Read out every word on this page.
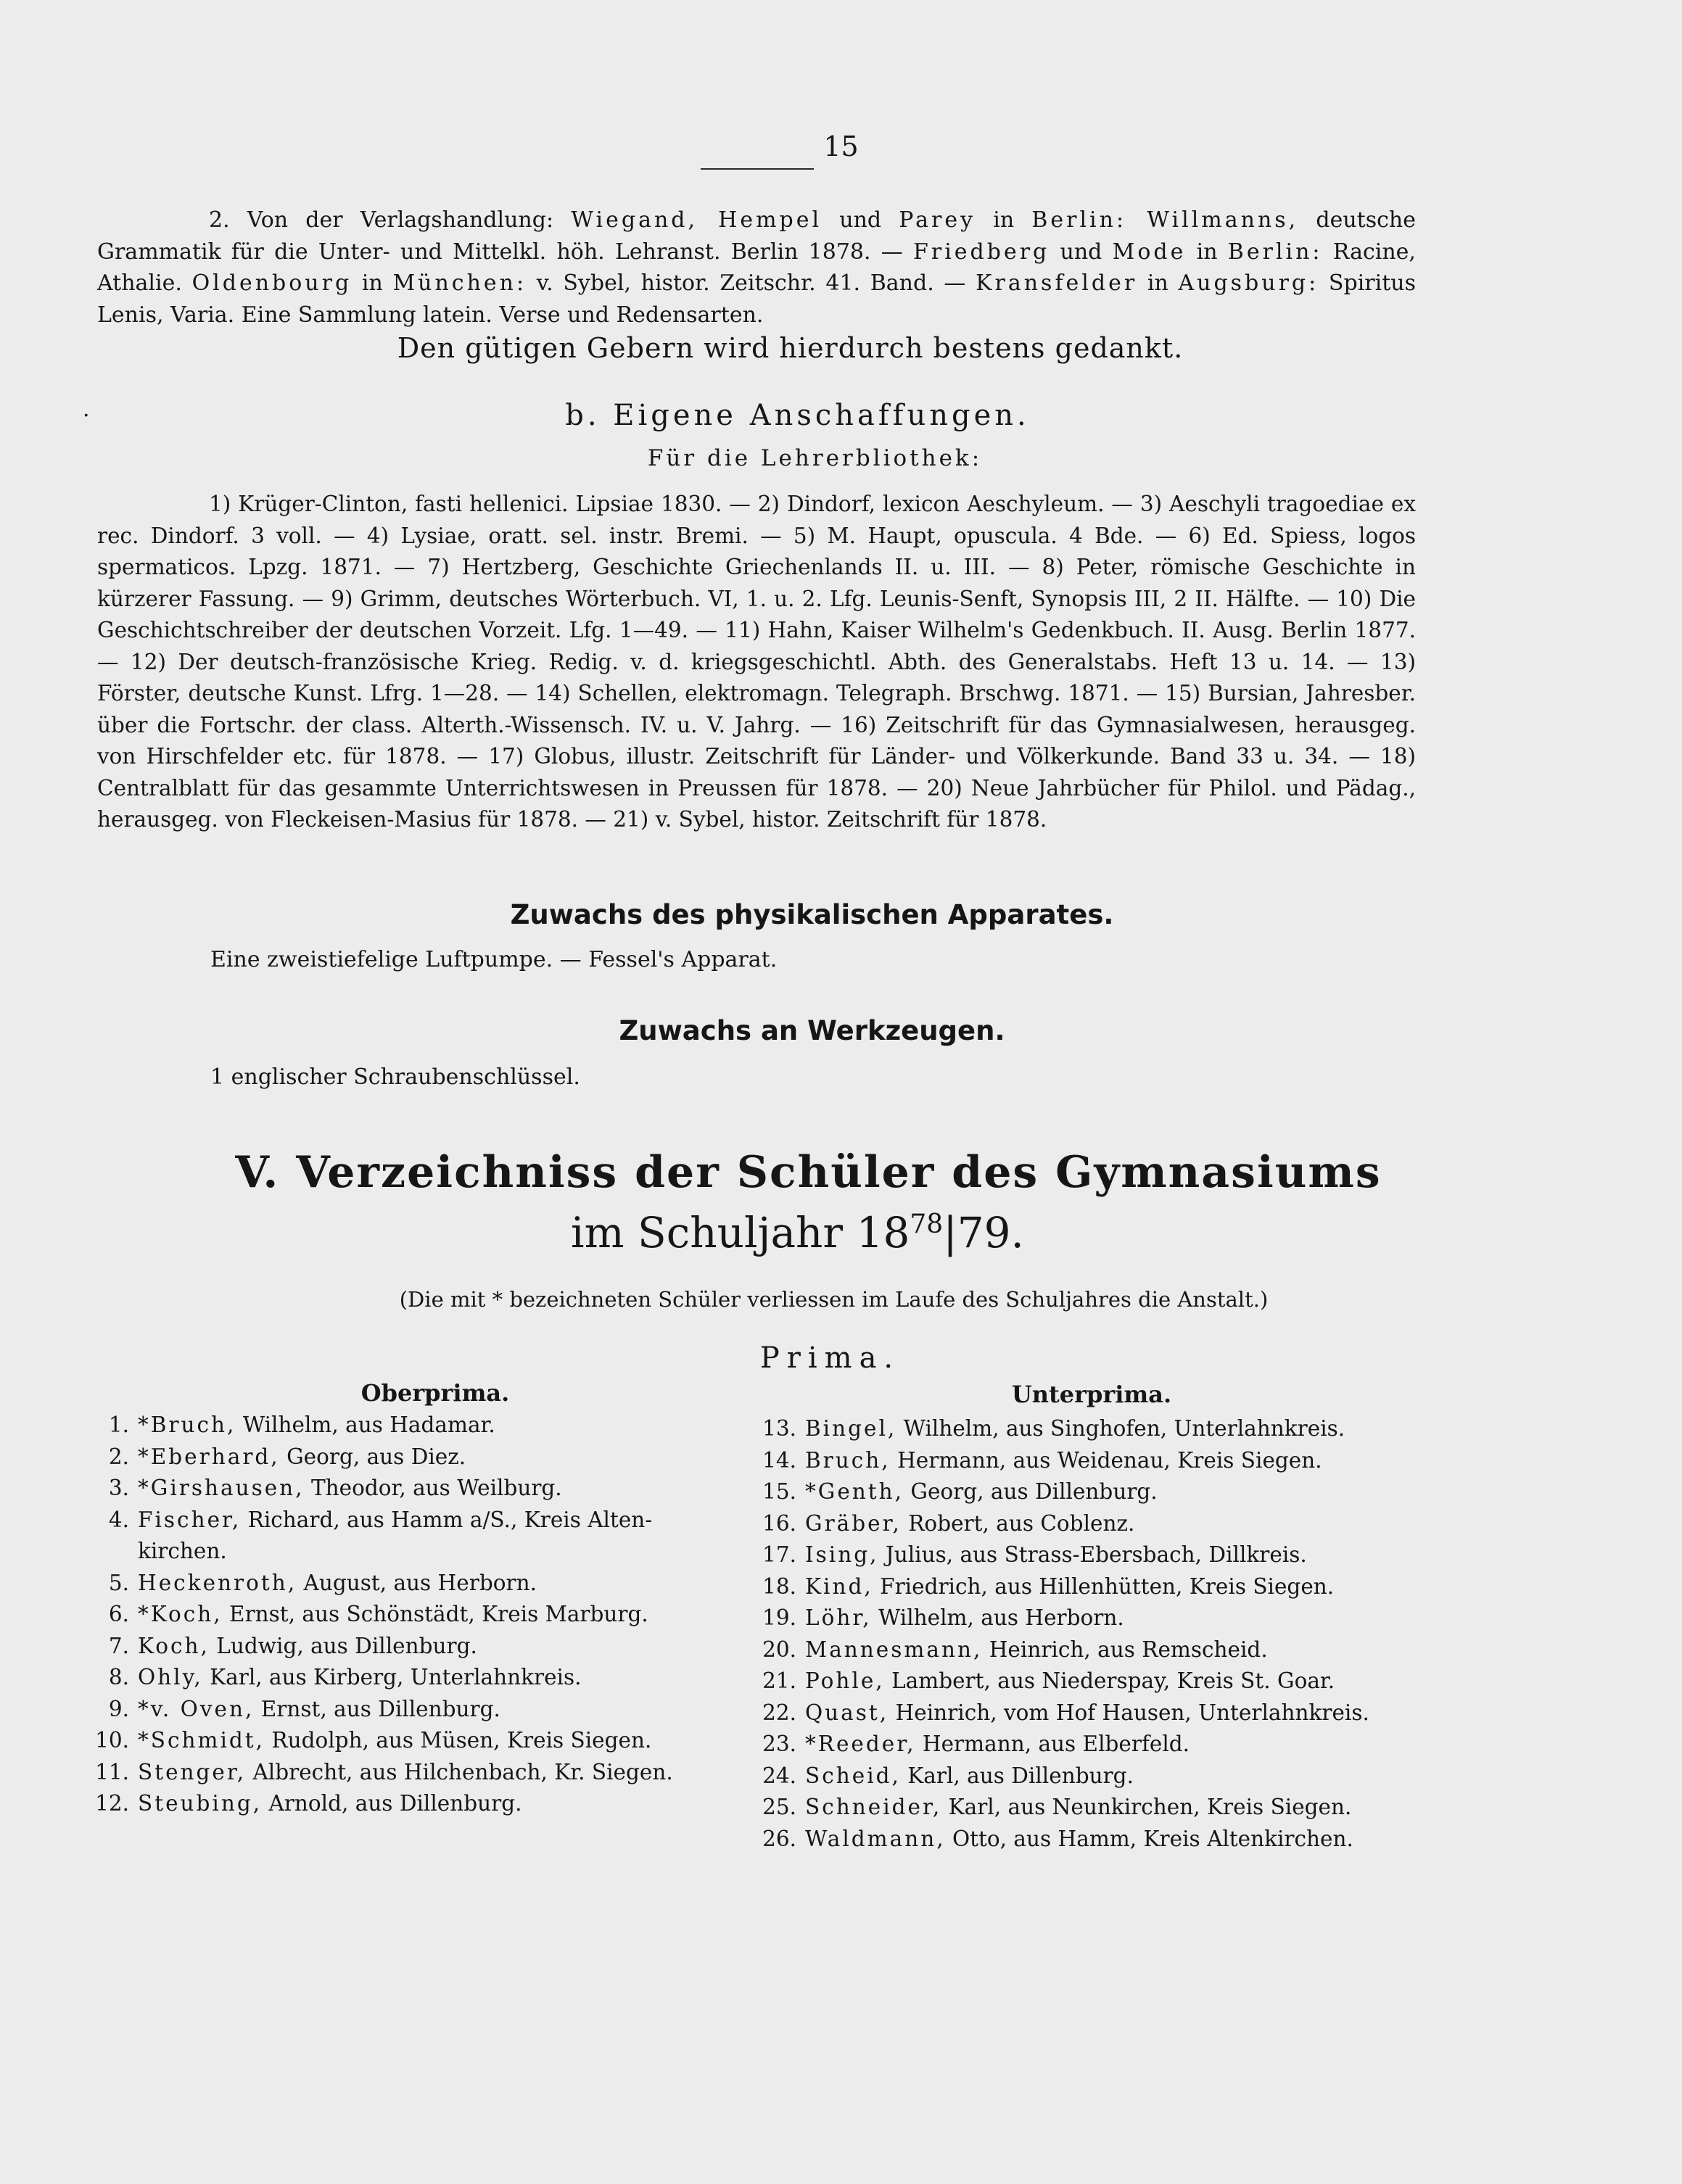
15
2. Von der Verlagshandlung: Wiegand, Hempel und Parey in Berlin: Willmanns, deutsche Grammatik für die Unter- und Mittelkl. höh. Lehranst. Berlin 1878. — Friedberg und Mode in Berlin: Racine, Athalie. Oldenbourg in München: v. Sybel, histor. Zeitschr. 41. Band. — Kransfelder in Augsburg: Spiritus Lenis, Varia. Eine Sammlung latein. Verse und Redensarten.
Den gütigen Gebern wird hierdurch bestens gedankt.
·	b. Eigene Anschaffungen.
Für die Lehrerbliothek:
1) Krüger-Clinton, fasti hellenici. Lipsiae 1830. — 2) Dindorf, lexicon Aeschyleum. — 3) Aeschyli tragoediae ex rec. Dindorf. 3 voll. — 4) Lysiae, oratt. sel. instr. Bremi. — 5) M. Haupt, opuscula. 4 Bde. — 6) Ed. Spiess, logos spermaticos. Lpzg. 1871. — 7) Hertzberg, Geschichte Griechenlands II. u. III. — 8) Peter, römische Geschichte in kürzerer Fassung. — 9) Grimm, deutsches Wörterbuch. VI, 1. u. 2. Lfg. Leunis-Senft, Synopsis III, 2 II. Hälfte. — 10) Die Geschichtschreiber der deutschen Vorzeit. Lfg. 1—49. — 11) Hahn, Kaiser Wilhelm's Gedenkbuch. II. Ausg. Berlin 1877. — 12) Der deutsch-französische Krieg. Redig. v. d. kriegsgeschichtl. Abth. des Generalstabs. Heft 13 u. 14. — 13) Förster, deutsche Kunst. Lfrg. 1—28. — 14) Schellen, elektromagn. Telegraph. Brschwg. 1871. — 15) Bursian, Jahresber. über die Fortschr. der class. Alterth.-Wissensch. IV. u. V. Jahrg. — 16) Zeitschrift für das Gymnasialwesen, herausgeg. von Hirschfelder etc. für 1878. — 17) Globus, illustr. Zeitschrift für Länder- und Völkerkunde. Band 33 u. 34. — 18) Centralblatt für das gesammte Unterrichtswesen in Preussen für 1878. — 20) Neue Jahrbücher für Philol. und Pädag., herausgeg. von Fleckeisen-Masius für 1878. — 21) v. Sybel, histor. Zeitschrift für 1878.
Zuwachs des physikalischen Apparates.
Eine zweistiefelige Luftpumpe. — Fessel's Apparat.
Zuwachs an Werkzeugen.
1 englischer Schraubenschlüssel.
V. Verzeichniss der Schüler des Gymnasiums
im Schuljahr $18^{78}|79$.
(Die mit * bezeichneten Schüler verliessen im Laufe des Schuljahres die Anstalt.)
Prima.
Oberprima.	Unterprima.
1. *Bruch, Wilhelm, aus Hadamar.
2. *Eberhard, Georg, aus Diez.
3. *Girshausen, Theodor, aus Weilburg.
4. Fischer, Richard, aus Hamm a/S., Kreis Alten-
kirchen.
5. Heckenroth, August, aus Herborn.
6. *Koch, Ernst, aus Schönstädt, Kreis Marburg.
7. Koch, Ludwig, aus Dillenburg.
8. Ohly, Karl, aus Kirberg, Unterlahnkreis.
9. *v. Oven, Ernst, aus Dillenburg.
10. *Schmidt, Rudolph, aus Müsen, Kreis Siegen.
11. Stenger, Albrecht, aus Hilchenbach, Kr. Siegen.
12. Steubing, Arnold, aus Dillenburg.
13. Bingel, Wilhelm, aus Singhofen, Unterlahnkreis.
14. Bruch, Hermann, aus Weidenau, Kreis Siegen.
15. *Genth, Georg, aus Dillenburg.
16. Gräber, Robert, aus Coblenz.
17. Ising, Julius, aus Strass-Ebersbach, Dillkreis.
18. Kind, Friedrich, aus Hillenhütten, Kreis Siegen.
19. Löhr, Wilhelm, aus Herborn.
20. Mannesmann, Heinrich, aus Remscheid.
21. Pohle, Lambert, aus Niederspay, Kreis St. Goar.
22. Quast, Heinrich, vom Hof Hausen, Unterlahnkreis.
23. *Reeder, Hermann, aus Elberfeld.
24. Scheid, Karl, aus Dillenburg.
25. Schneider, Karl, aus Neunkirchen, Kreis Siegen.
26. Waldmann, Otto, aus Hamm, Kreis Altenkirchen.
